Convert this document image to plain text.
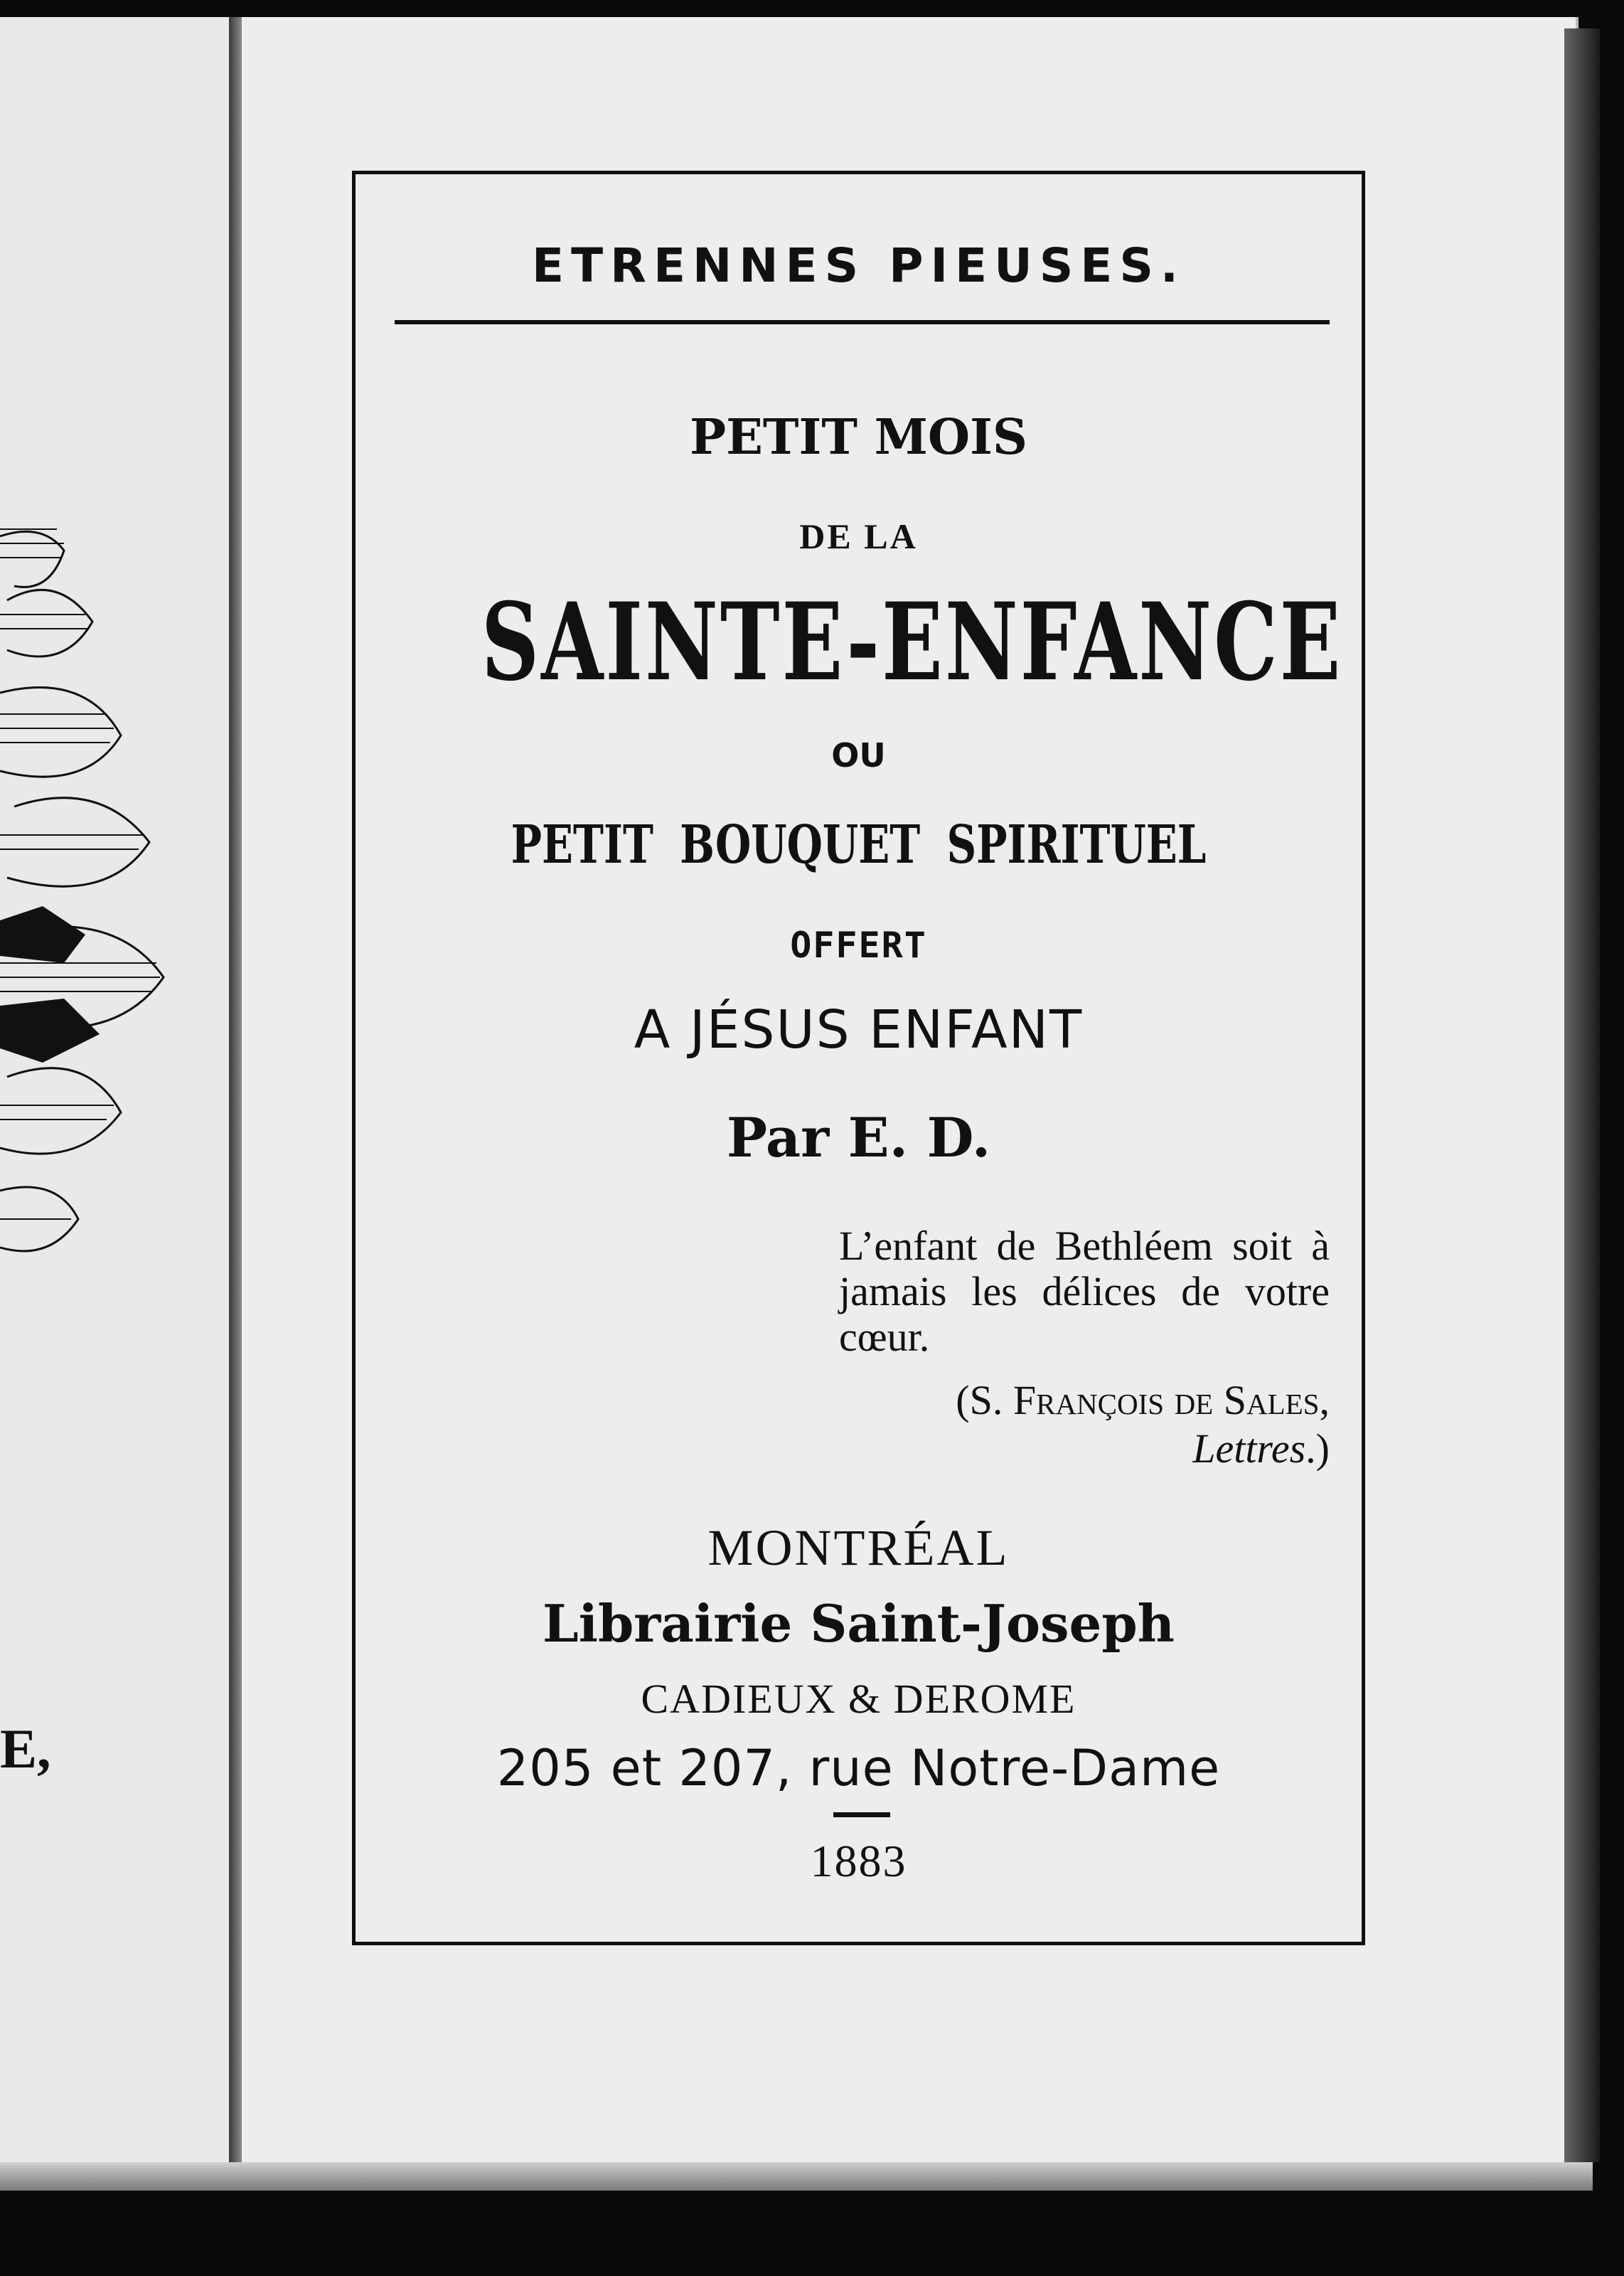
E,
ETRENNES PIEUSES.
PETIT MOIS
DE LA
SAINTE-ENFANCE
OU
PETIT BOUQUET SPIRITUEL
OFFERT
A JÉSUS ENFANT
Par E. D.
L’enfant de Bethléem soit à jamais les délices de votre cœur.
(S. François de Sales, Lettres.)
MONTRÉAL
Librairie Saint-Joseph
CADIEUX & DEROME
205 et 207, rue Notre-Dame
1883
